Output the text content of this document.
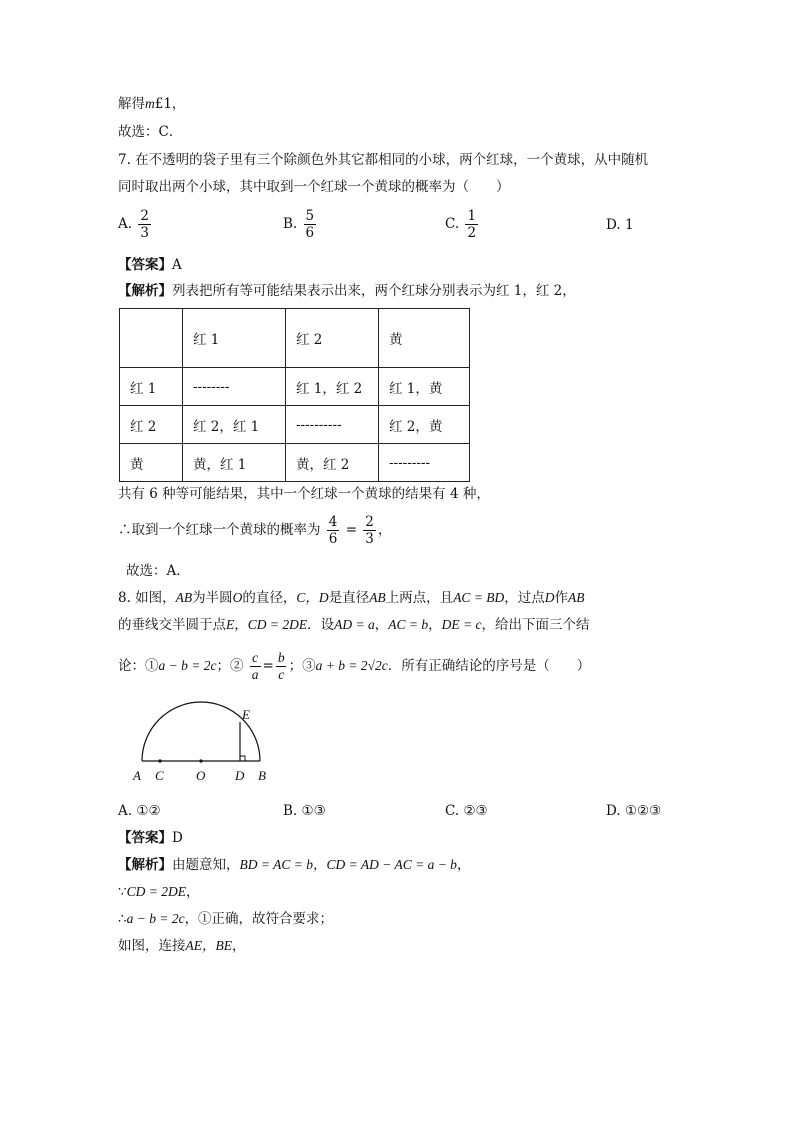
解得m£1，
故选：C．
7. 在不透明的袋子里有三个除颜色外其它都相同的小球，两个红球，一个黄球，从中随机
同时取出两个小球，其中取到一个红球一个黄球的概率为（　　）
A. $\frac{2}{3}$	B. $\frac{5}{6}$	C. $\frac{1}{2}$	D. 1
【答案】A
【解析】列表把所有等可能结果表示出来，两个红球分别表示为红 1，红 2，
	红 1	红 2	黄
红 1	--------	红 1，红 2	红 1，黄
红 2	红 2，红 1	----------	红 2，黄
黄	黄，红 1	黄，红 2	---------
共有 6 种等可能结果，其中一个红球一个黄球的结果有 4 种，
∴取到一个红球一个黄球的概率为 $\frac{4}{6} = \frac{2}{3}$ ，
故选：A．
8. 如图，AB为半圆O的直径，C，D是直径AB上两点，且AC = BD，过点D作AB
的垂线交半圆于点E，CD = 2DE．设AD = a，AC = b，DE = c，给出下面三个结
论：①a − b = 2c；② $\frac{c}{a} = \frac{b}{c}$ ；③a + b = 2√2c．所有正确结论的序号是（　　）
A C O D B
E
A. ①②	B. ①③	C. ②③	D. ①②③
【答案】D
【解析】由题意知，BD = AC = b，CD = AD − AC = a − b，
∵CD = 2DE，
∴a − b = 2c，①正确，故符合要求；
如图，连接AE，BE，
